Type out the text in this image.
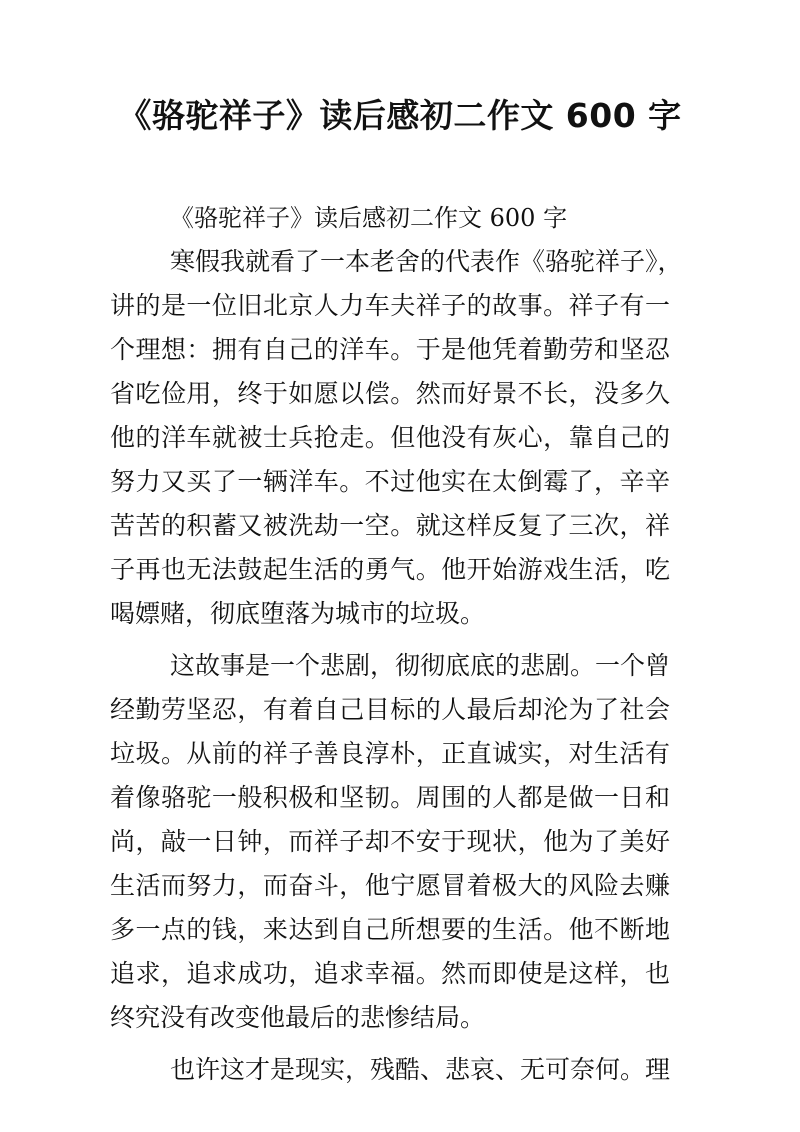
《骆驼祥子》读后感初二作文 600 字
《骆驼祥子》读后感初二作文 600 字
寒假我就看了一本老舍的代表作《骆驼祥子》，
讲的是一位旧北京人力车夫祥子的故事。祥子有一
个理想：拥有自己的洋车。于是他凭着勤劳和坚忍
省吃俭用，终于如愿以偿。然而好景不长，没多久
他的洋车就被士兵抢走。但他没有灰心，靠自己的
努力又买了一辆洋车。不过他实在太倒霉了，辛辛
苦苦的积蓄又被洗劫一空。就这样反复了三次，祥
子再也无法鼓起生活的勇气。他开始游戏生活，吃
喝嫖赌，彻底堕落为城市的垃圾。
这故事是一个悲剧，彻彻底底的悲剧。一个曾
经勤劳坚忍，有着自己目标的人最后却沦为了社会
垃圾。从前的祥子善良淳朴，正直诚实，对生活有
着像骆驼一般积极和坚韧。周围的人都是做一日和
尚，敲一日钟，而祥子却不安于现状，他为了美好
生活而努力，而奋斗，他宁愿冒着极大的风险去赚
多一点的钱，来达到自己所想要的生活。他不断地
追求，追求成功，追求幸福。然而即使是这样，也
终究没有改变他最后的悲惨结局。
也许这才是现实，残酷、悲哀、无可奈何。理
